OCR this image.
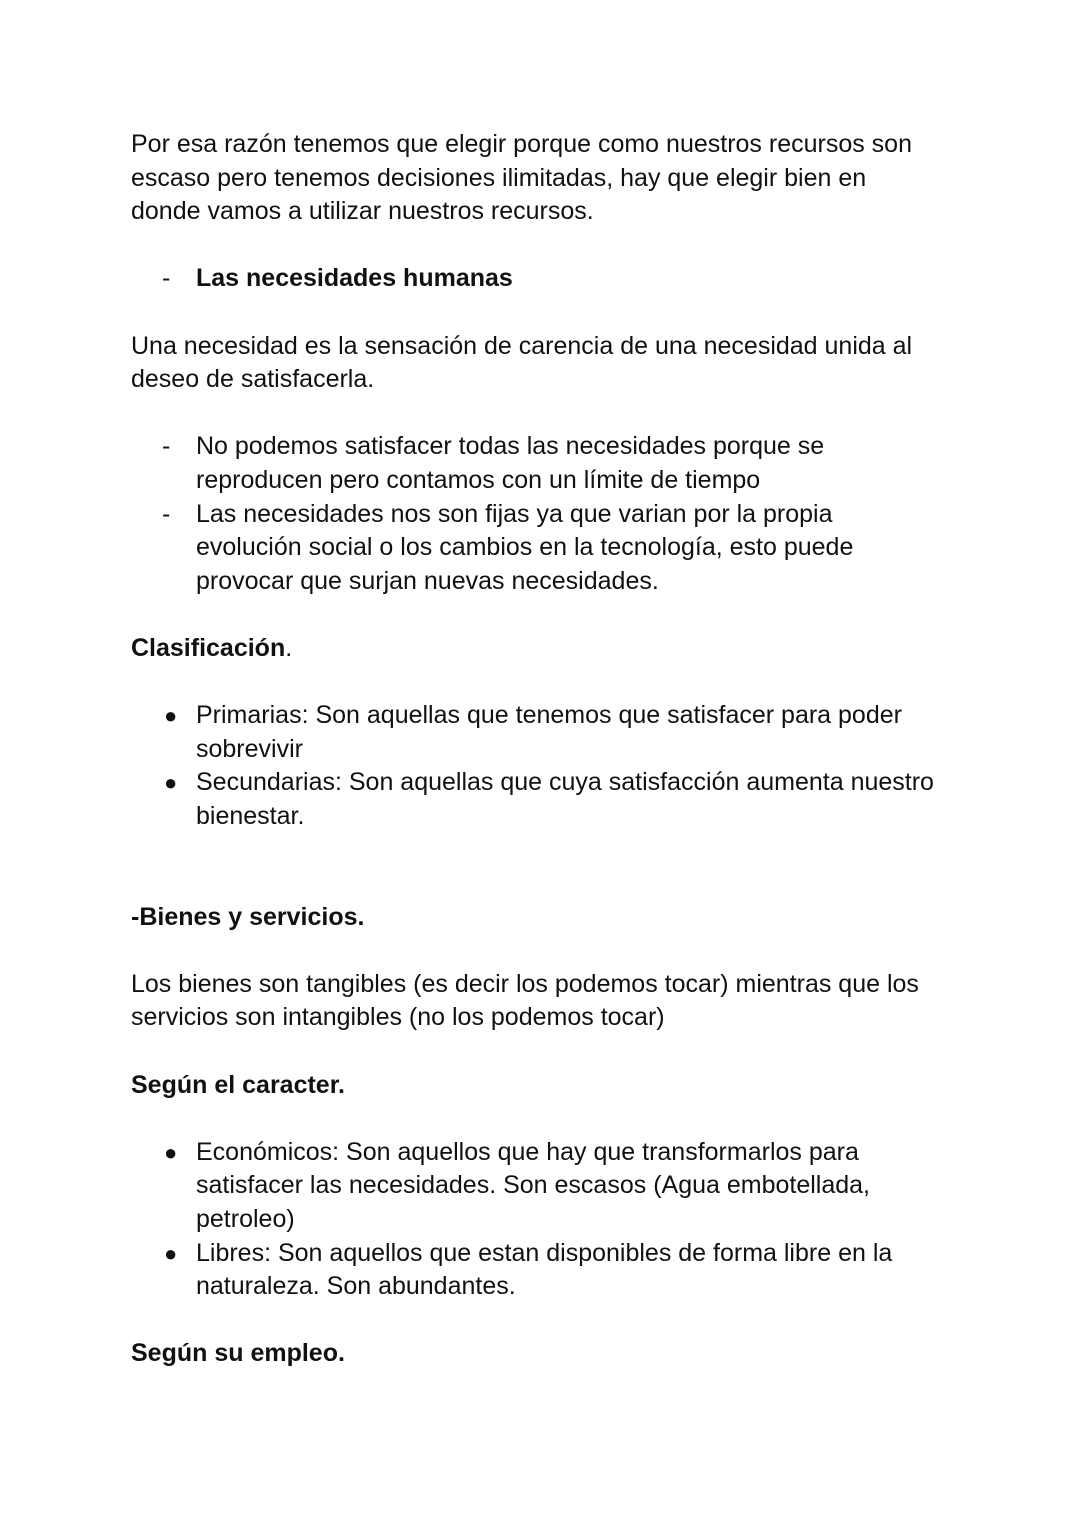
Por esa razón tenemos que elegir porque como nuestros recursos son
escaso pero tenemos decisiones ilimitadas, hay que elegir bien en
donde vamos a utilizar nuestros recursos.
-	Las necesidades humanas
Una necesidad es la sensación de carencia de una necesidad unida al
deseo de satisfacerla.
-	No podemos satisfacer todas las necesidades porque se
reproducen pero contamos con un límite de tiempo
-	Las necesidades nos son fijas ya que varian por la propia
evolución social o los cambios en la tecnología, esto puede
provocar que surjan nuevas necesidades.
Clasificación.
● Primarias: Son aquellas que tenemos que satisfacer para poder
sobrevivir
● Secundarias: Son aquellas que cuya satisfacción aumenta nuestro
bienestar.
-Bienes y servicios.
Los bienes son tangibles (es decir los podemos tocar) mientras que los
servicios son intangibles (no los podemos tocar)
Según el caracter.
● Económicos: Son aquellos que hay que transformarlos para
satisfacer las necesidades. Son escasos (Agua embotellada,
petroleo)
● Libres: Son aquellos que estan disponibles de forma libre en la
naturaleza. Son abundantes.
Según su empleo.
